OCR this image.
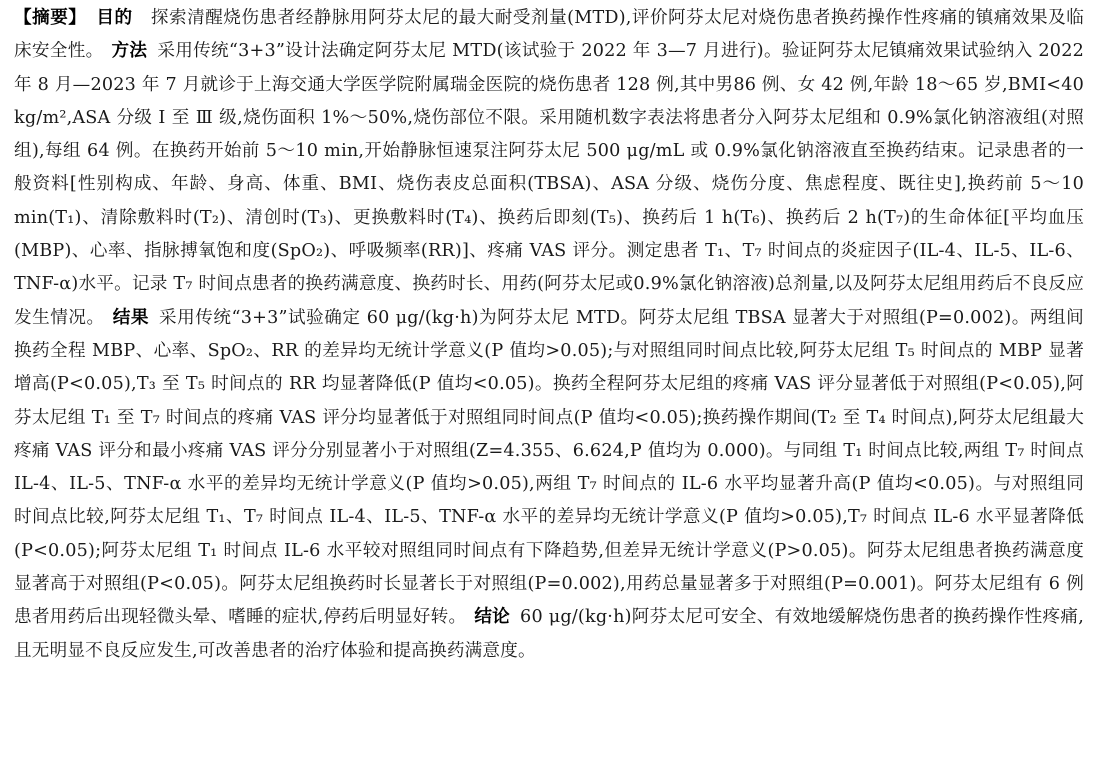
【摘要】 目的   探索清醒烧伤患者经静脉用阿芬太尼的最大耐受剂量(MTD),评价阿芬太尼对烧伤患者换药操作性疼痛的镇痛效果及临床安全性。 方法 采用传统“3+3”设计法确定阿芬太尼 MTD(该试验于 2022 年 3—7 月进行)。验证阿芬太尼镇痛效果试验纳入 2022 年 8 月—2023 年 7 月就诊于上海交通大学医学院附属瑞金医院的烧伤患者 128 例,其中男86 例、女 42 例,年龄 18～65 岁,BMI<40 kg/m²,ASA 分级 Ⅰ 至 Ⅲ 级,烧伤面积 1%～50%,烧伤部位不限。采用随机数字表法将患者分入阿芬太尼组和 0.9%氯化钠溶液组(对照组),每组 64 例。在换药开始前 5～10 min,开始静脉恒速泵注阿芬太尼 500 μg/mL 或 0.9%氯化钠溶液直至换药结束。记录患者的一般资料[性别构成、年龄、身高、体重、BMI、烧伤表皮总面积(TBSA)、ASA 分级、烧伤分度、焦虑程度、既往史],换药前 5～10 min(T₁)、清除敷料时(T₂)、清创时(T₃)、更换敷料时(T₄)、换药后即刻(T₅)、换药后 1 h(T₆)、换药后 2 h(T₇)的生命体征[平均血压(MBP)、心率、指脉搏氧饱和度(SpO₂)、呼吸频率(RR)]、疼痛 VAS 评分。测定患者 T₁、T₇ 时间点的炎症因子(IL-4、IL-5、IL-6、TNF-α)水平。记录 T₇ 时间点患者的换药满意度、换药时长、用药(阿芬太尼或0.9%氯化钠溶液)总剂量,以及阿芬太尼组用药后不良反应发生情况。 结果 采用传统“3+3”试验确定 60 μg/(kg·h)为阿芬太尼 MTD。阿芬太尼组 TBSA 显著大于对照组(P=0.002)。两组间换药全程 MBP、心率、SpO₂、RR 的差异均无统计学意义(P 值均>0.05);与对照组同时间点比较,阿芬太尼组 T₅ 时间点的 MBP 显著增高(P<0.05),T₃ 至 T₅ 时间点的 RR 均显著降低(P 值均<0.05)。换药全程阿芬太尼组的疼痛 VAS 评分显著低于对照组(P<0.05),阿芬太尼组 T₁ 至 T₇ 时间点的疼痛 VAS 评分均显著低于对照组同时间点(P 值均<0.05);换药操作期间(T₂ 至 T₄ 时间点),阿芬太尼组最大疼痛 VAS 评分和最小疼痛 VAS 评分分别显著小于对照组(Z=4.355、6.624,P 值均为 0.000)。与同组 T₁ 时间点比较,两组 T₇ 时间点 IL-4、IL-5、TNF-α 水平的差异均无统计学意义(P 值均>0.05),两组 T₇ 时间点的 IL-6 水平均显著升高(P 值均<0.05)。与对照组同时间点比较,阿芬太尼组 T₁、T₇ 时间点 IL-4、IL-5、TNF-α 水平的差异均无统计学意义(P 值均>0.05),T₇ 时间点 IL-6 水平显著降低(P<0.05);阿芬太尼组 T₁ 时间点 IL-6 水平较对照组同时间点有下降趋势,但差异无统计学意义(P>0.05)。阿芬太尼组患者换药满意度显著高于对照组(P<0.05)。阿芬太尼组换药时长显著长于对照组(P=0.002),用药总量显著多于对照组(P=0.001)。阿芬太尼组有 6 例患者用药后出现轻微头晕、嗜睡的症状,停药后明显好转。 结论 60 μg/(kg·h)阿芬太尼可安全、有效地缓解烧伤患者的换药操作性疼痛,且无明显不良反应发生,可改善患者的治疗体验和提高换药满意度。
